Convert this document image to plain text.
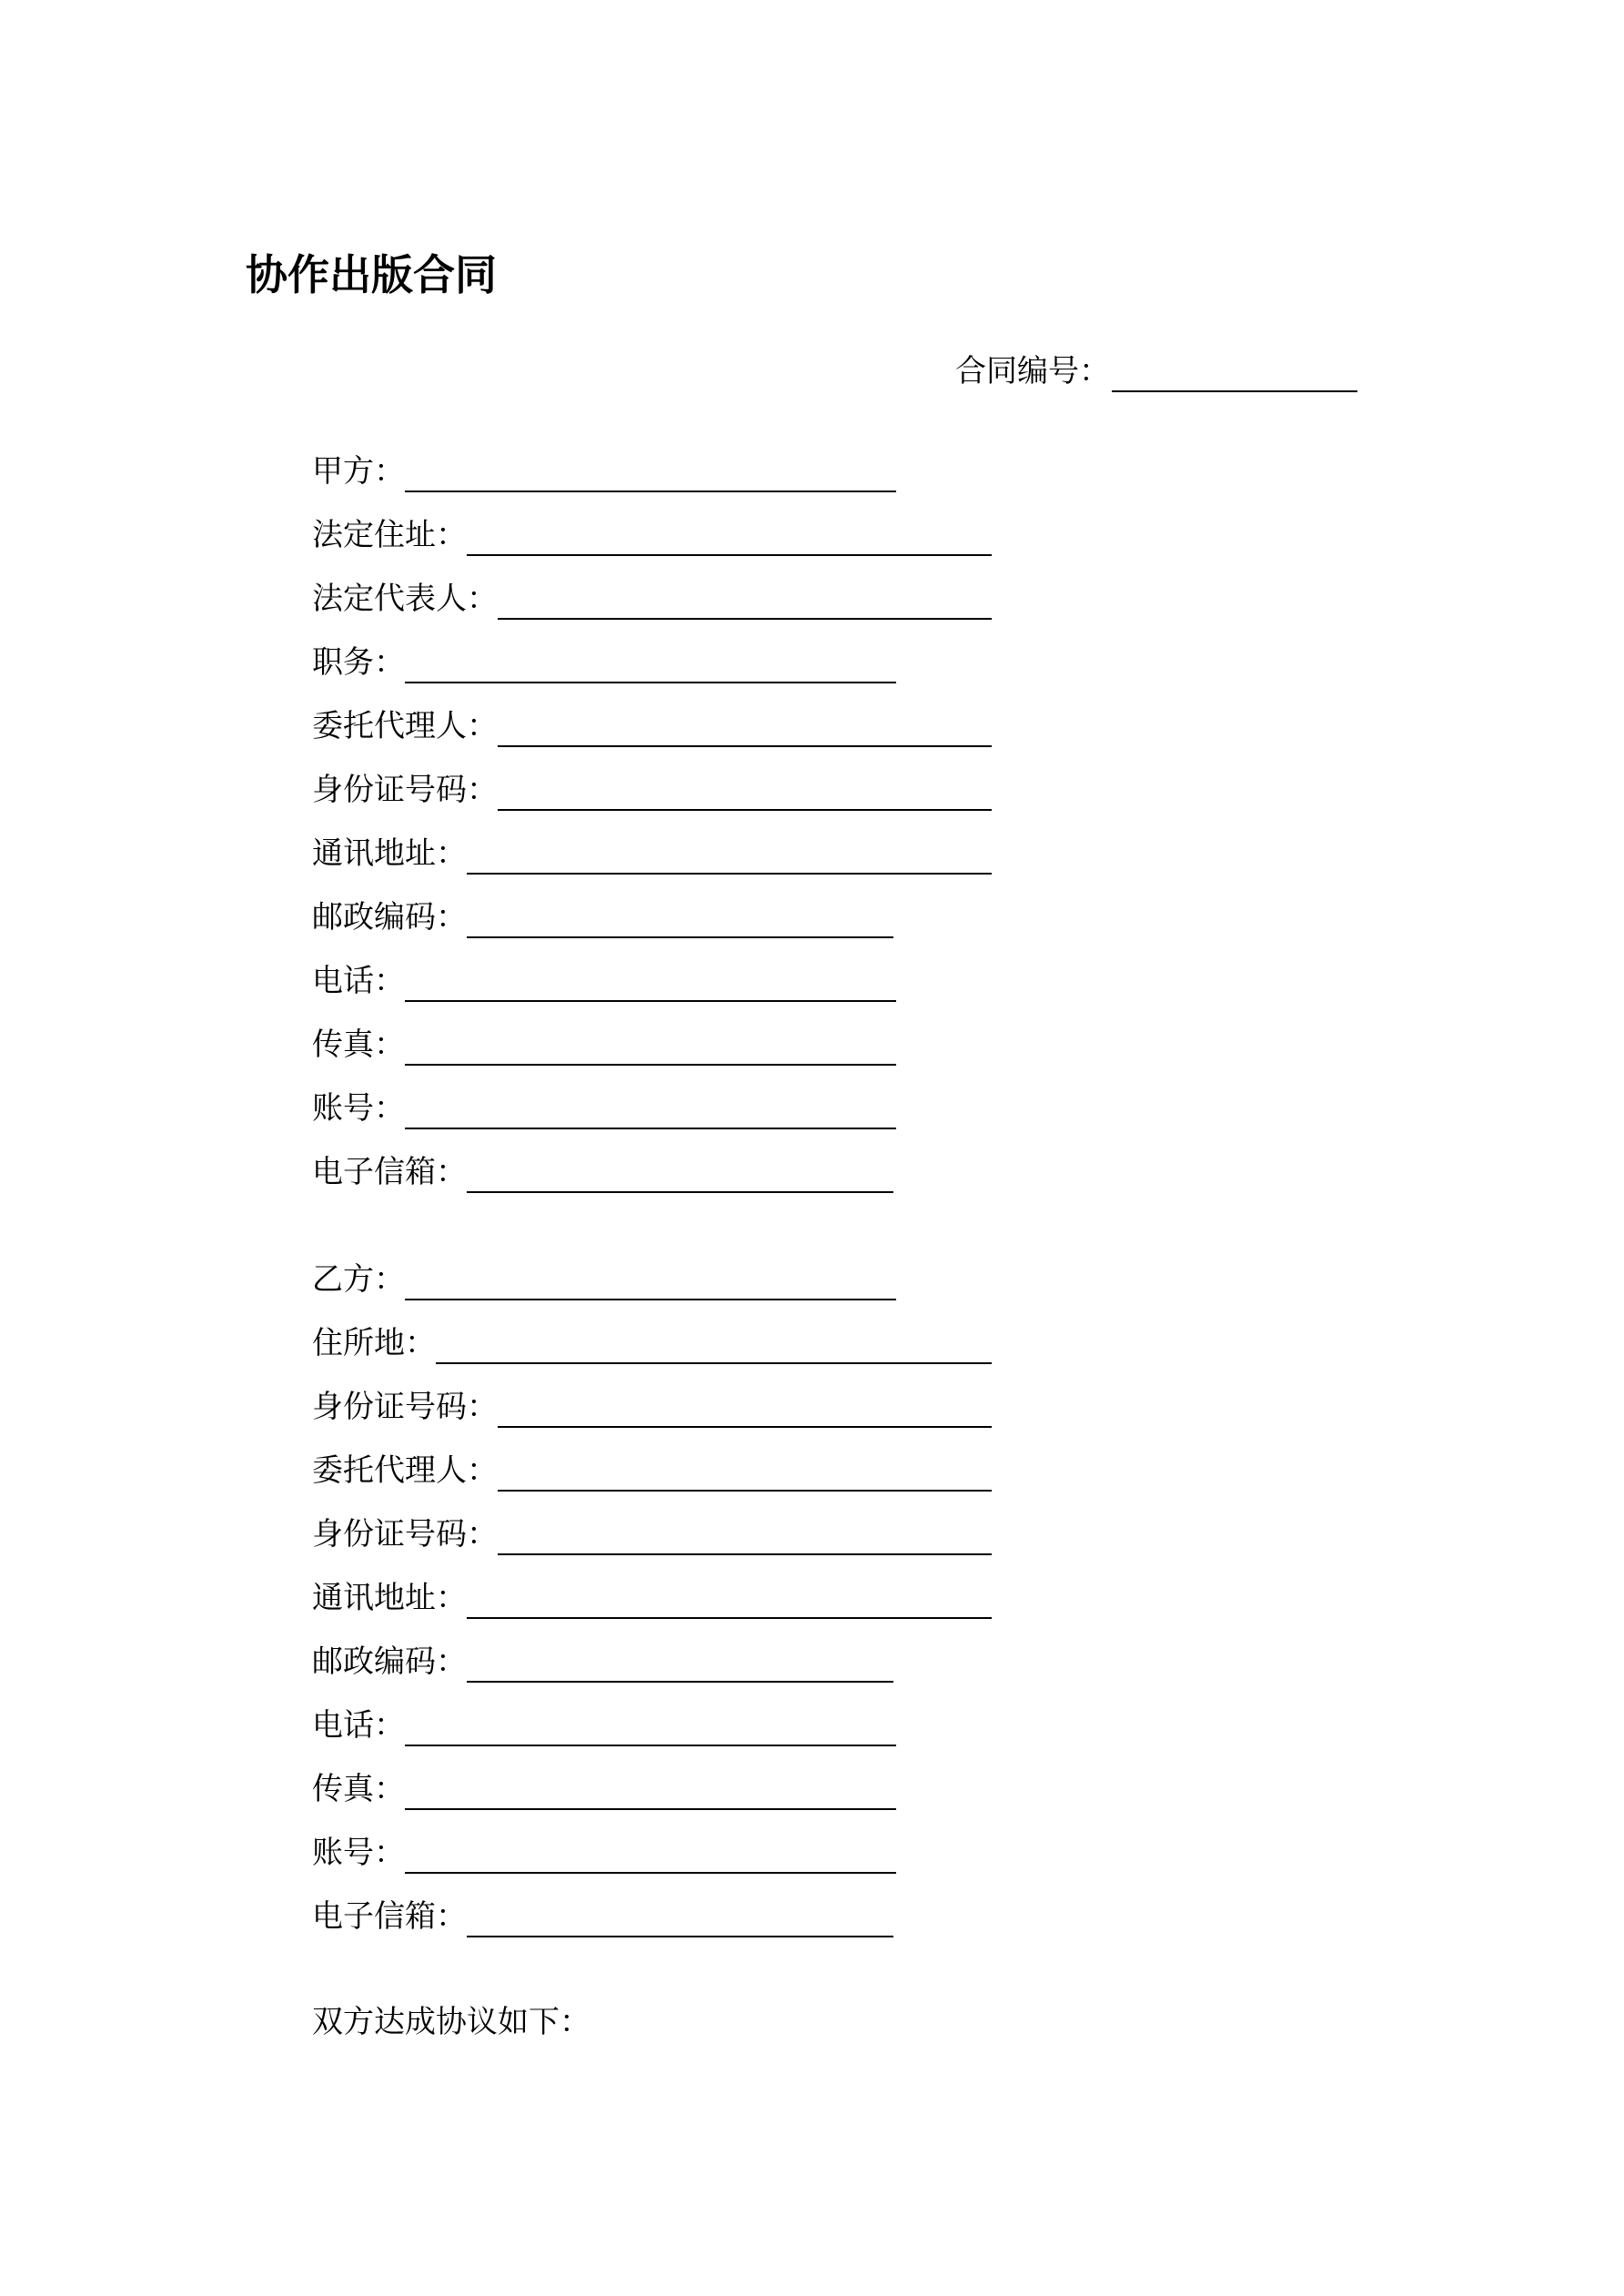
协作出版合同
合同编号：
甲方：
法定住址：
法定代表人：
职务：
委托代理人：
身份证号码：
通讯地址：
邮政编码：
电话：
传真：
账号：
电子信箱：
乙方：
住所地：
身份证号码：
委托代理人：
身份证号码：
通讯地址：
邮政编码：
电话：
传真：
账号：
电子信箱：

双方达成协议如下：
